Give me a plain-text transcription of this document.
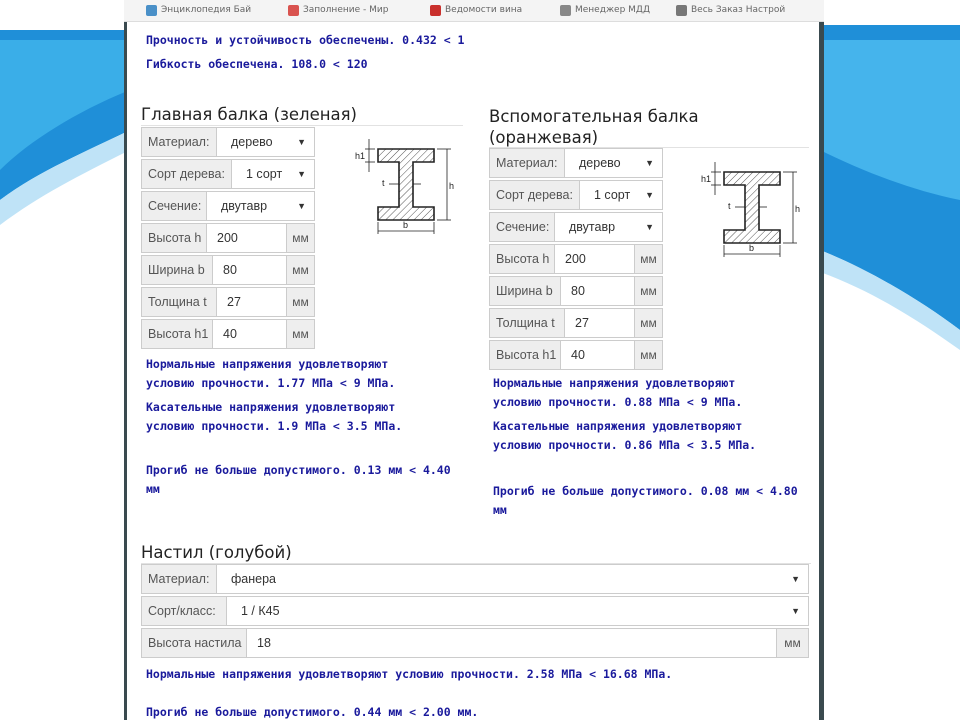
Энциклопедия Бай	Заполнение - Мир	Ведомости вина	Менеджер МДД	Весь Заказ Настрой
Прочность и устойчивость обеспечены. 0.432 < 1
Гибкость обеспечена. 108.0 < 120
Главная балка (зеленая)
Материал:	дерево	▼
Сорт дерева:	1 сорт ▼
Сечение:	двутавр	▼
Высота h	200	мм
Ширина b	80	мм
Толщина t	27	мм
Высота h1	40	мм
h1
t	h
b
Нормальные напряжения удовлетворяют
условию прочности. 1.77 МПа < 9 МПа.
Касательные напряжения удовлетворяют
условию прочности. 1.9 МПа < 3.5 МПа.
Прогиб не больше допустимого. 0.13 мм < 4.40
мм
Вспомогательная балка
(оранжевая)
Материал:	дерево	▼
Сорт дерева:	1 сорт ▼
Сечение:	двутавр	▼
Высота h	200	мм
Ширина b	80	мм
Толщина t	27	мм
Высота h1	40	мм
h1
t	h
b
Нормальные напряжения удовлетворяют
условию прочности. 0.88 МПа < 9 МПа.
Касательные напряжения удовлетворяют
условию прочности. 0.86 МПа < 3.5 МПа.
Прогиб не больше допустимого. 0.08 мм < 4.80
мм
Настил (голубой)
Материал:	фанера	▼
Сорт/класс:	1 / К45	▼
Высота настила	18	мм
Нормальные напряжения удовлетворяют условию прочности. 2.58 МПа < 16.68 МПа.
Прогиб не больше допустимого. 0.44 мм < 2.00 мм.
